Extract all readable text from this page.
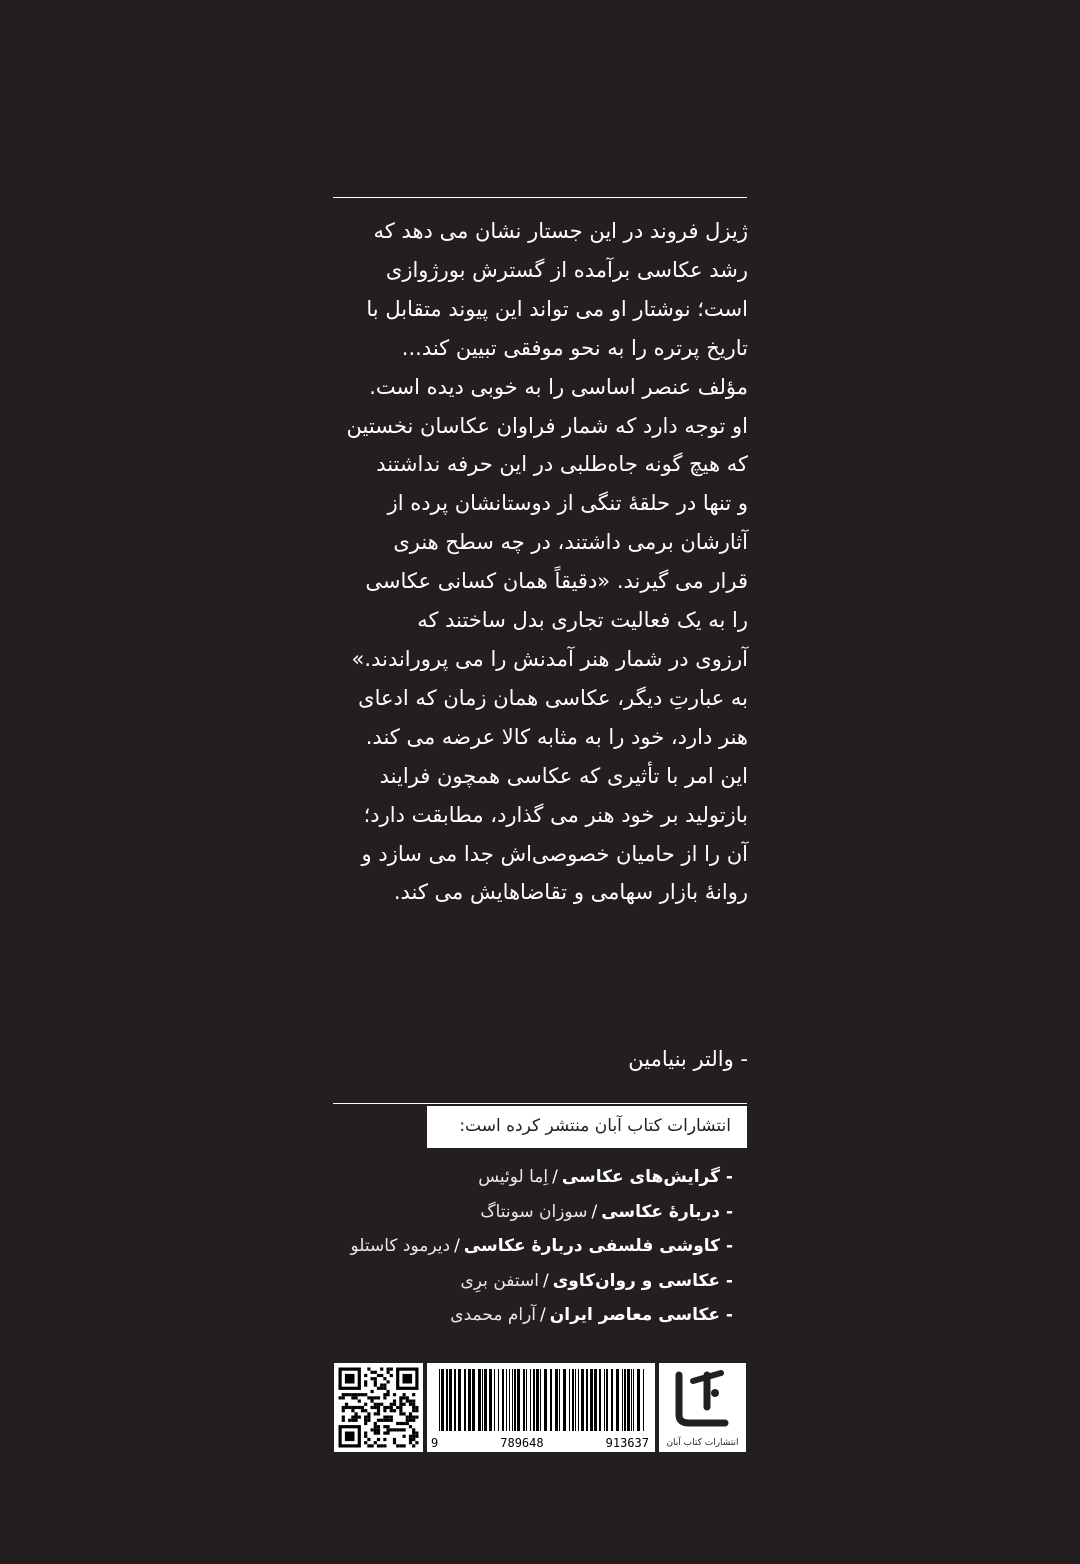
ژیزل فروند در این جستار نشان می دهد که
رشد عکاسی برآمده از گسترش بورژوازی
است؛ نوشتار او می تواند این پیوند متقابل با
تاریخ پرتره را به نحو موفقی تبیین کند...
مؤلف عنصر اساسی را به خوبی دیده است.
او توجه دارد که شمار فراوان عکاسان نخستین
که هیچ گونه جاه‌طلبی در این حرفه نداشتند
و تنها در حلقهٔ تنگی از دوستانشان پرده از
آثارشان برمی داشتند، در چه سطح هنری
قرار می گیرند. «دقیقاً همان کسانی عکاسی
را به یک فعالیت تجاری بدل ساختند که
آرزوی در شمار هنر آمدنش را می پروراندند.»
به عبارتِ دیگر، عکاسی همان زمان که ادعای
هنر دارد، خود را به مثابه کالا عرضه می کند.
این امر با تأثیری که عکاسی همچون فرایند
بازتولید بر خود هنر می گذارد، مطابقت دارد؛
آن را از حامیان خصوصی‌اش جدا می سازد و
روانهٔ بازار سهامی و تقاضاهایش می کند.
- والتر بنیامین
انتشارات کتاب آبان منتشر کرده است:
- گرایش‌های عکاسی/اِما لوئیس
- دربارهٔ عکاسی/سوزان سونتاگ
- کاوشی فلسفی دربارهٔ عکاسی/دیرمود کاستلو
- عکاسی و روان‌کاوی/استفن برِی
- عکاسی معاصر ایران/آرام محمدی
9	789648	913637	انتشارات کتاب آبان
